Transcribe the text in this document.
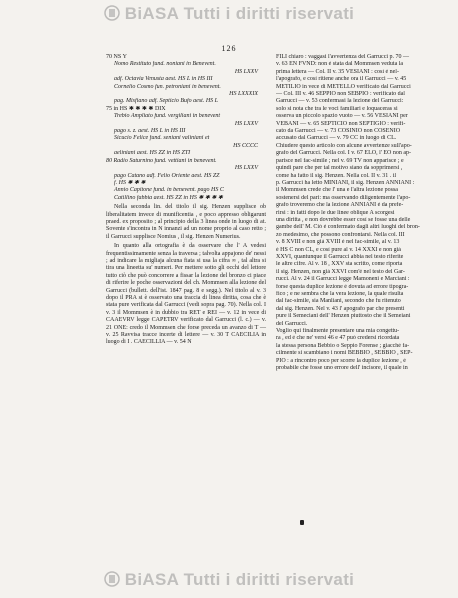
BiASA Tutti i diritti riservati
126
70 NS Ỹ
Nomo Restituto fund. noniani in Benevent.
HS LXXV
adf. Octavia Venusta aest. HS L in HS III
Cornelio Cosmo fun. petroniani in benevent.
HS LXXXIX
pag. Misfiano adf. Septicio Bufo aest. HS L
75 in HS ✱ ✱ ✱ ✱ DIX
Trebio Ampliato fund. vergiliani in benevent
HS LXXV
pago s. z. aest. HS L in HS III
Sicucio Felice fund. seniani valiniani et
HS CCCC
aeliniani aest. HS ZZ in HS ZTI
80 Radio Saturnino fund. vettiani in benevent.
HS LXXV
pago Catano adf. Felio Oriente aest. HS ZZ
f. HS ✱ ✱ ✱
Annio Capitone fund. in benevent. pago HS C
Catillino fabbia aest. HS ZZ in HS ✱ ✱ ✱ ✱
Nella seconda lin. del titolo il sig. Henzen supplisce ob liberalitatem invece di munificentia , e poco appresso obligarunt praed. ex proposito ; al principio della 3 linea onde in luogo di at. Sovente s'incontra in N innanzi ad un nome proprio al caso retto ; il Garrucci supplisce Nomius , il sig. Henzen Numerius.
In quanto alla ortografia è da osservare che l' A vedesi frequentissimamente senza la traversa ; talvolta appajono de' nessi ; ad indicare la migliaja alcuna fiata si usa la cifra ∞ , tal altra si tira una lineetta su' numeri. Per mettere sotto gli occhi del lettore tutto ciò che può concorrere a fissar la lezione del bronzo ci piace di riferire le poche osservazioni del ch. Mommsen alla lezione del Garrucci (bullett. dell'ist. 1847 pag. 8 e segg.). Nel titolo al v. 3 dopo il PRA si è osservato una traccia di linea diritta, cosa che è stata pure verificata dal Garrucci (vedi sopra pag. 70). Nella col. I v. 3 il Mommsen è in dubbio tra RET e REI — v. 12 in vece di CAAEVRV legge CAPETRV verificato dal Garrucci (l. c.) — v. 21 ONE: credo il Mommsen che forse preceda un avanzo di T — v. 25 Ravvisa tracce incerte di lettere — v. 30 T CAECILIA in luogo di I . CAECILLIA — v. 54 N
FILI chiaro : vaggasi l'avvertenza del Garrucci p. 70 —
v. 63 EN FVND: non è stata dal Mommsen veduta la
prima lettera — Col. II v. 35 VESIANI : così è nel-
l'apografo, e così ritiene anche ora il Garrucci — v. 45
METILIO in vece di METELLO verificato dal Garrucci
— Col. III v. 46 SEPPIO non SEBPIO : verificato dal
Garrucci — v. 53 confermasi la lezione del Garrucci:
solo si nota che tra le voci familiari e loquaceras si
osserva un piccolo spazio vuoto — v. 56 VESIANI per
VEBANI — v. 65 SEPTICIO non SEPTIGIO : verifi-
cato da Garrucci — v. 73 COSINIO non COSENIO
accusato dal Garrucci — v. 79 CC in luogo di CL.
Chiudere questo articolo con alcune avvertenze sull'apo-
grafo del Garrucci. Nella col. I v. 67 ELO, l' EO non ap-
parisce nel fac-simile ; nel v. 69 TV non apparisce ; e
quindi pare che per tal motivo siano da sopprimersi ,
come ha fatto il sig. Henzen. Nella col. II v. 31 . il
p. Garrucci ha letto MINIANI, il sig. Henzen ANNIANI :
il Mommsen crede che l' una e l'altra lezione possa
sostenersi del pari: ma osservando diligentemente l'apo-
grafo troveremo che la lezione ANNIANI è da prefe-
rirsi : in fatti dopo le due linee oblique A scorgesi
una diritta , e non dovrebbe esser così se fosse una delle
gambe dell' M. Ciò è confermato dagli altri luoghi del bron-
zo medesimo, che possono confrontarsi. Nella col. III
v. 8 XVIII e non già XVIII è nel fac-simile, al v. 13
è HS C non CL, e così pure al v. 14 XXXI e non già
XXVI, quantunque il Garrucci abbia nel testo riferite
le altre cifre. Al v. 18 , XXV sta scritto, come riporta
il sig. Henzen, non già XXVI com'è nel testo del Gar-
rucci. Al v. 24 il Garrucci legge Mamoneni e Marciani :
forse questa duplice lezione è dovuta ad errore tipogra-
fico ; e ne sembra che la vera lezione, la quale risulta
dal fac-simile, sia Manliani, secondo che fu ritenuto
dal sig. Henzen. Nel v. 43 l' apografo par che presenti
pure il Semeciani dell' Henzen piuttosto che il Semeiani
del Garrucci.
Voglio qui finalmente presentare una mia congettu-
ra , ed è che ne' versi 46 e 47 può credersi ricordata
la stessa persona Bebbio o Seppio Forense ; giacchè fa-
cilmente si scambiano i nomi BEBBIO , SEBBIO , SEP-
PIO : a rincontro poco per scorre la duplice lezione , è
probabile che fosse uno errore dell' incisore, il quale in
BiASA Tutti i diritti riservati
